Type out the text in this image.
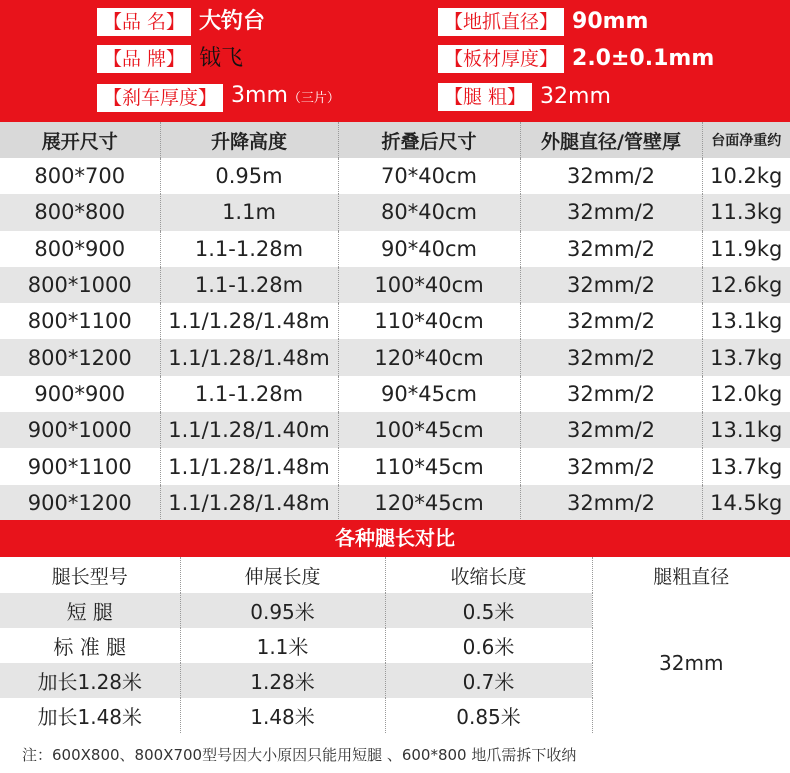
【品 名】 大钓台	【地抓直径】 90mm
【品 牌】 钺飞	【板材厚度】 2.0±0.1mm
【刹车厚度】 3mm（三片）	【腿 粗】 32mm
展开尺寸	升降高度	折叠后尺寸	外腿直径/管壁厚	台面净重约
800*700	0.95m	70*40cm	32mm/2	10.2kg
800*800	1.1m	80*40cm	32mm/2	11.3kg
800*900	1.1-1.28m	90*40cm	32mm/2	11.9kg
800*1000	1.1-1.28m	100*40cm	32mm/2	12.6kg
800*1100	1.1/1.28/1.48m	110*40cm	32mm/2	13.1kg
800*1200	1.1/1.28/1.48m	120*40cm	32mm/2	13.7kg
900*900	1.1-1.28m	90*45cm	32mm/2	12.0kg
900*1000	1.1/1.28/1.40m	100*45cm	32mm/2	13.1kg
900*1100	1.1/1.28/1.48m	110*45cm	32mm/2	13.7kg
900*1200	1.1/1.28/1.48m	120*45cm	32mm/2	14.5kg
各种腿长对比
腿长型号	伸展长度	收缩长度	腿粗直径
短 腿	0.95米	0.5米	32mm
标 准 腿	1.1米	0.6米	
加长1.28米	1.28米	0.7米	
加长1.48米	1.48米	0.85米	
注：600X800、800X700型号因大小原因只能用短腿 、600*800 地爪需拆下收纳
